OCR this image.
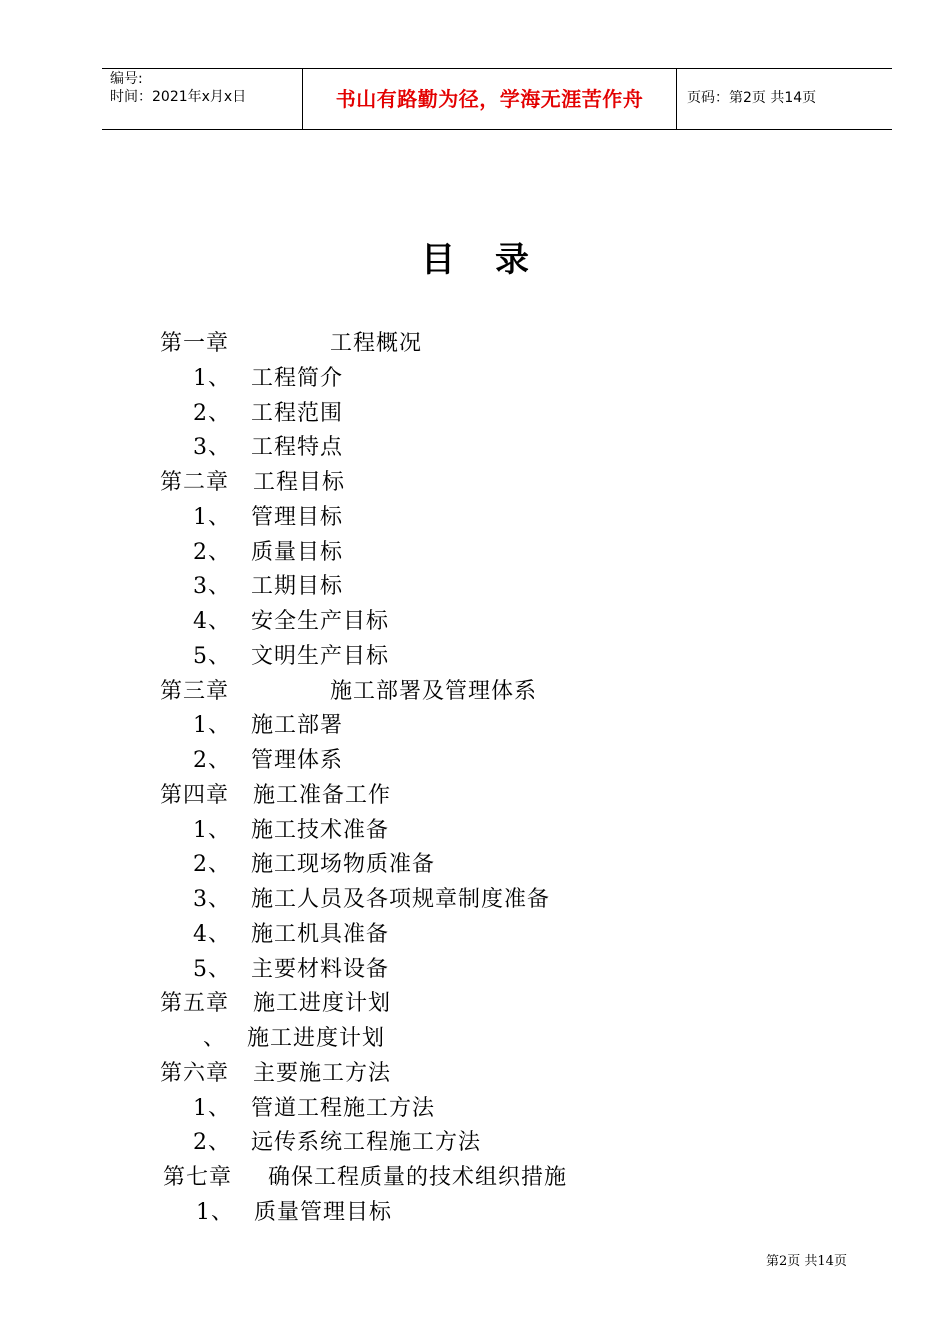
编号:
时间：2021年x月x日	书山有路勤为径，学海无涯苦作舟	页码：第2页 共14页
目录
第一章	工程概况
1、 工程简介
2、 工程范围
3、 工程特点
第二章 工程目标
1、 管理目标
2、 质量目标
3、 工期目标
4、 安全生产目标
5、 文明生产目标
第三章	施工部署及管理体系
1、 施工部署
2、 管理体系
第四章 施工准备工作
1、 施工技术准备
2、 施工现场物质准备
3、 施工人员及各项规章制度准备
4、 施工机具准备
5、 主要材料设备
第五章 施工进度计划
、 施工进度计划
第六章 主要施工方法
1、 管道工程施工方法
2、 远传系统工程施工方法
第七章 确保工程质量的技术组织措施
1、 质量管理目标
第2页 共14页
